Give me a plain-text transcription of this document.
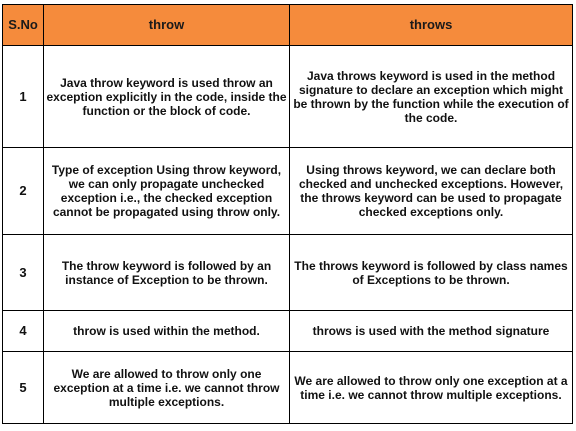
S.No	throw	throws
1	Java throw keyword is used throw an exception explicitly in the code, inside the function or the block of code.	Java throws keyword is used in the method signature to declare an exception which might be thrown by the function while the execution of the code.
2	Type of exception Using throw keyword, we can only propagate unchecked exception i.e., the checked exception cannot be propagated using throw only.	Using throws keyword, we can declare both checked and unchecked exceptions. However, the throws keyword can be used to propagate checked exceptions only.
3	The throw keyword is followed by an instance of Exception to be thrown.	The throws keyword is followed by class names of Exceptions to be thrown.
4	throw is used within the method.	throws is used with the method signature
5	We are allowed to throw only one exception at a time i.e. we cannot throw multiple exceptions.	We are allowed to throw only one exception at a time i.e. we cannot throw multiple exceptions.
